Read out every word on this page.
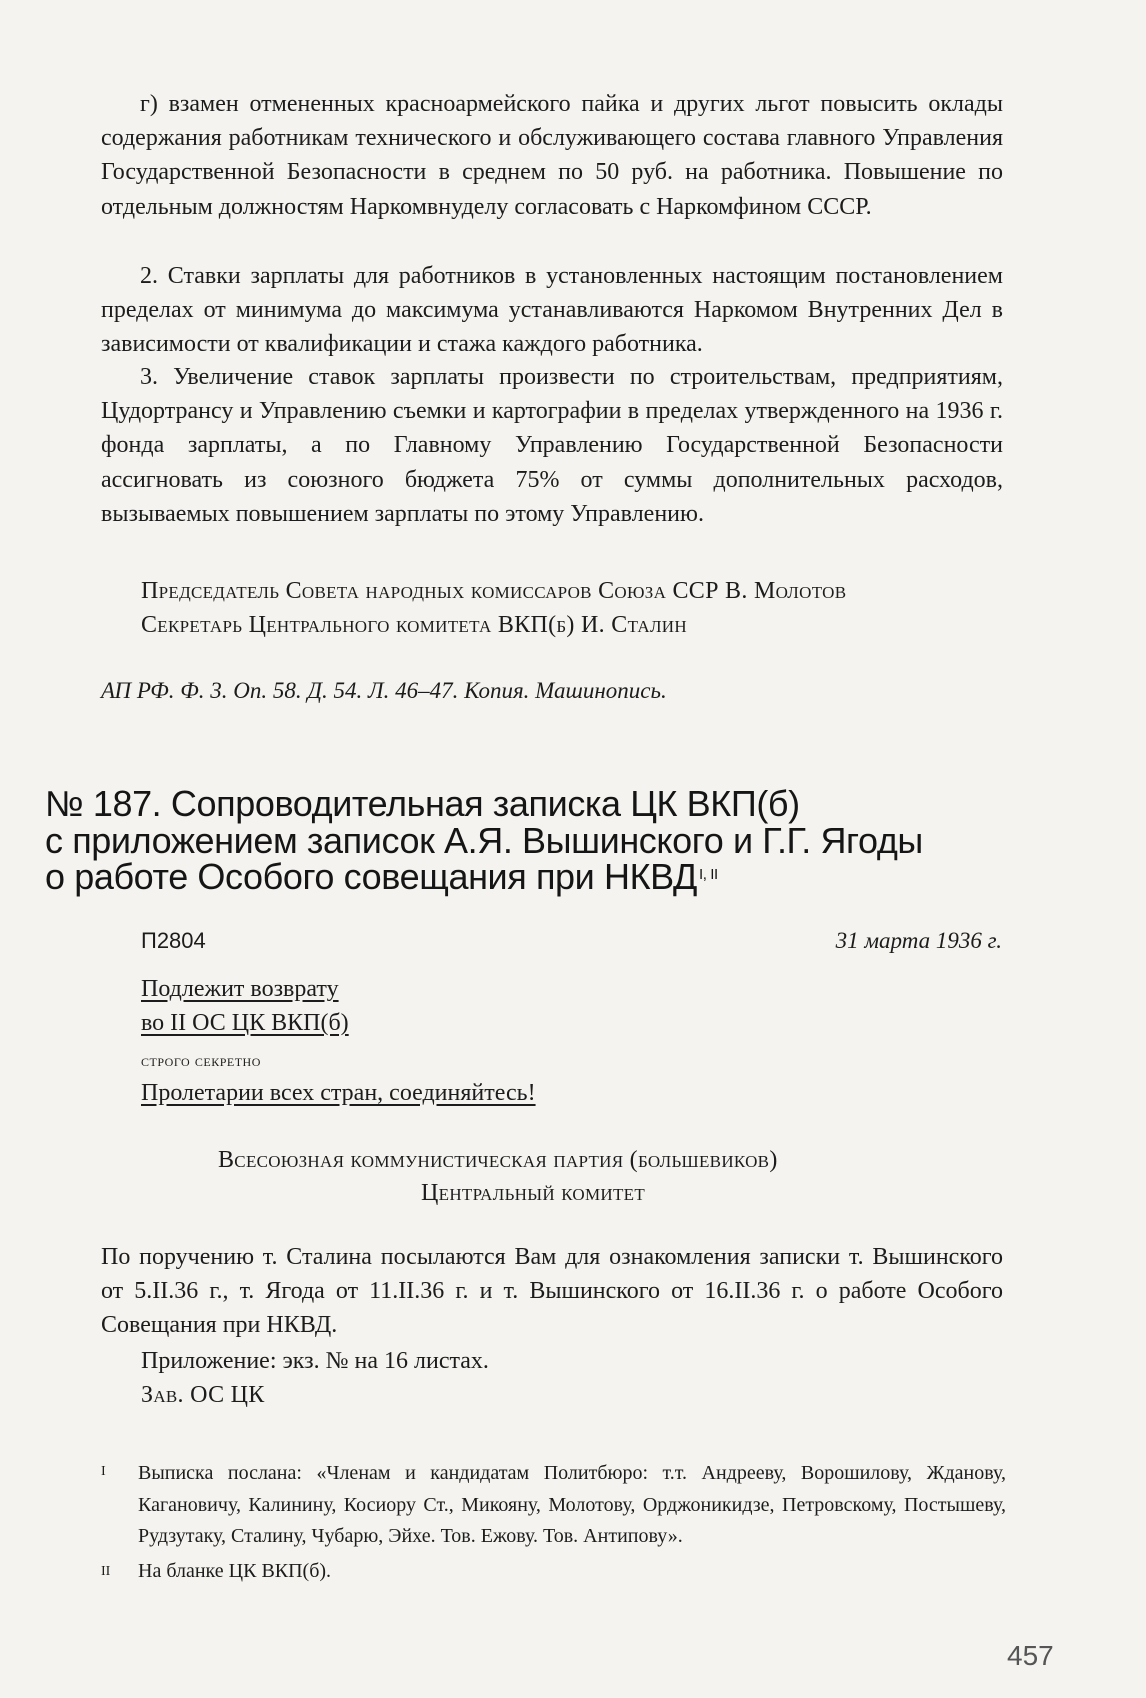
г) взамен отмененных красноармейского пайка и других льгот повысить оклады содержания работникам технического и обслуживающего состава главного Управления Государственной Безопасности в среднем по 50 руб. на работника. Повышение по отдельным должностям Наркомвнуделу согласовать с Наркомфином СССР.
2. Ставки зарплаты для работников в установленных настоящим постановлением пределах от минимума до максимума устанавливаются Наркомом Внутренних Дел в зависимости от квалификации и стажа каждого работника.
3. Увеличение ставок зарплаты произвести по строительствам, предприятиям, Цудортрансу и Управлению съемки и картографии в пределах утвержденного на 1936 г. фонда зарплаты, а по Главному Управлению Государственной Безопасности ассигновать из союзного бюджета 75% от суммы дополнительных расходов, вызываемых повышением зарплаты по этому Управлению.
Председатель Совета народных комиссаров Союза ССР В. Молотов
Секретарь Центрального комитета ВКП(б) И. Сталин
АП РФ. Ф. 3. Оп. 58. Д. 54. Л. 46–47. Копия. Машинопись.
№ 187. Сопроводительная записка ЦК ВКП(б)
с приложением записок А.Я. Вышинского и Г.Г. Ягоды
о работе Особого совещания при НКВД $^{I, II}$
П2804	31 марта 1936 г.
Подлежит возврату
во II ОС ЦК ВКП(б)
строго секретно
Пролетарии всех стран, соединяйтесь!
Всесоюзная коммунистическая партия (большевиков)
Центральный комитет
По поручению т. Сталина посылаются Вам для ознакомления записки т. Вышинского от 5.II.36 г., т. Ягода от 11.II.36 г. и т. Вышинского от 16.II.36 г. о работе Особого Совещания при НКВД.
Приложение: экз. № на 16 листах.
Зав. ОС ЦК
I Выписка послана: «Членам и кандидатам Политбюро: т.т. Андрееву, Ворошилову, Жданову, Кагановичу, Калинину, Косиору Ст., Микояну, Молотову, Орджоникидзе, Петровскому, Постышеву, Рудзутаку, Сталину, Чубарю, Эйхе. Тов. Ежову. Тов. Антипову».
II На бланке ЦК ВКП(б).
457
